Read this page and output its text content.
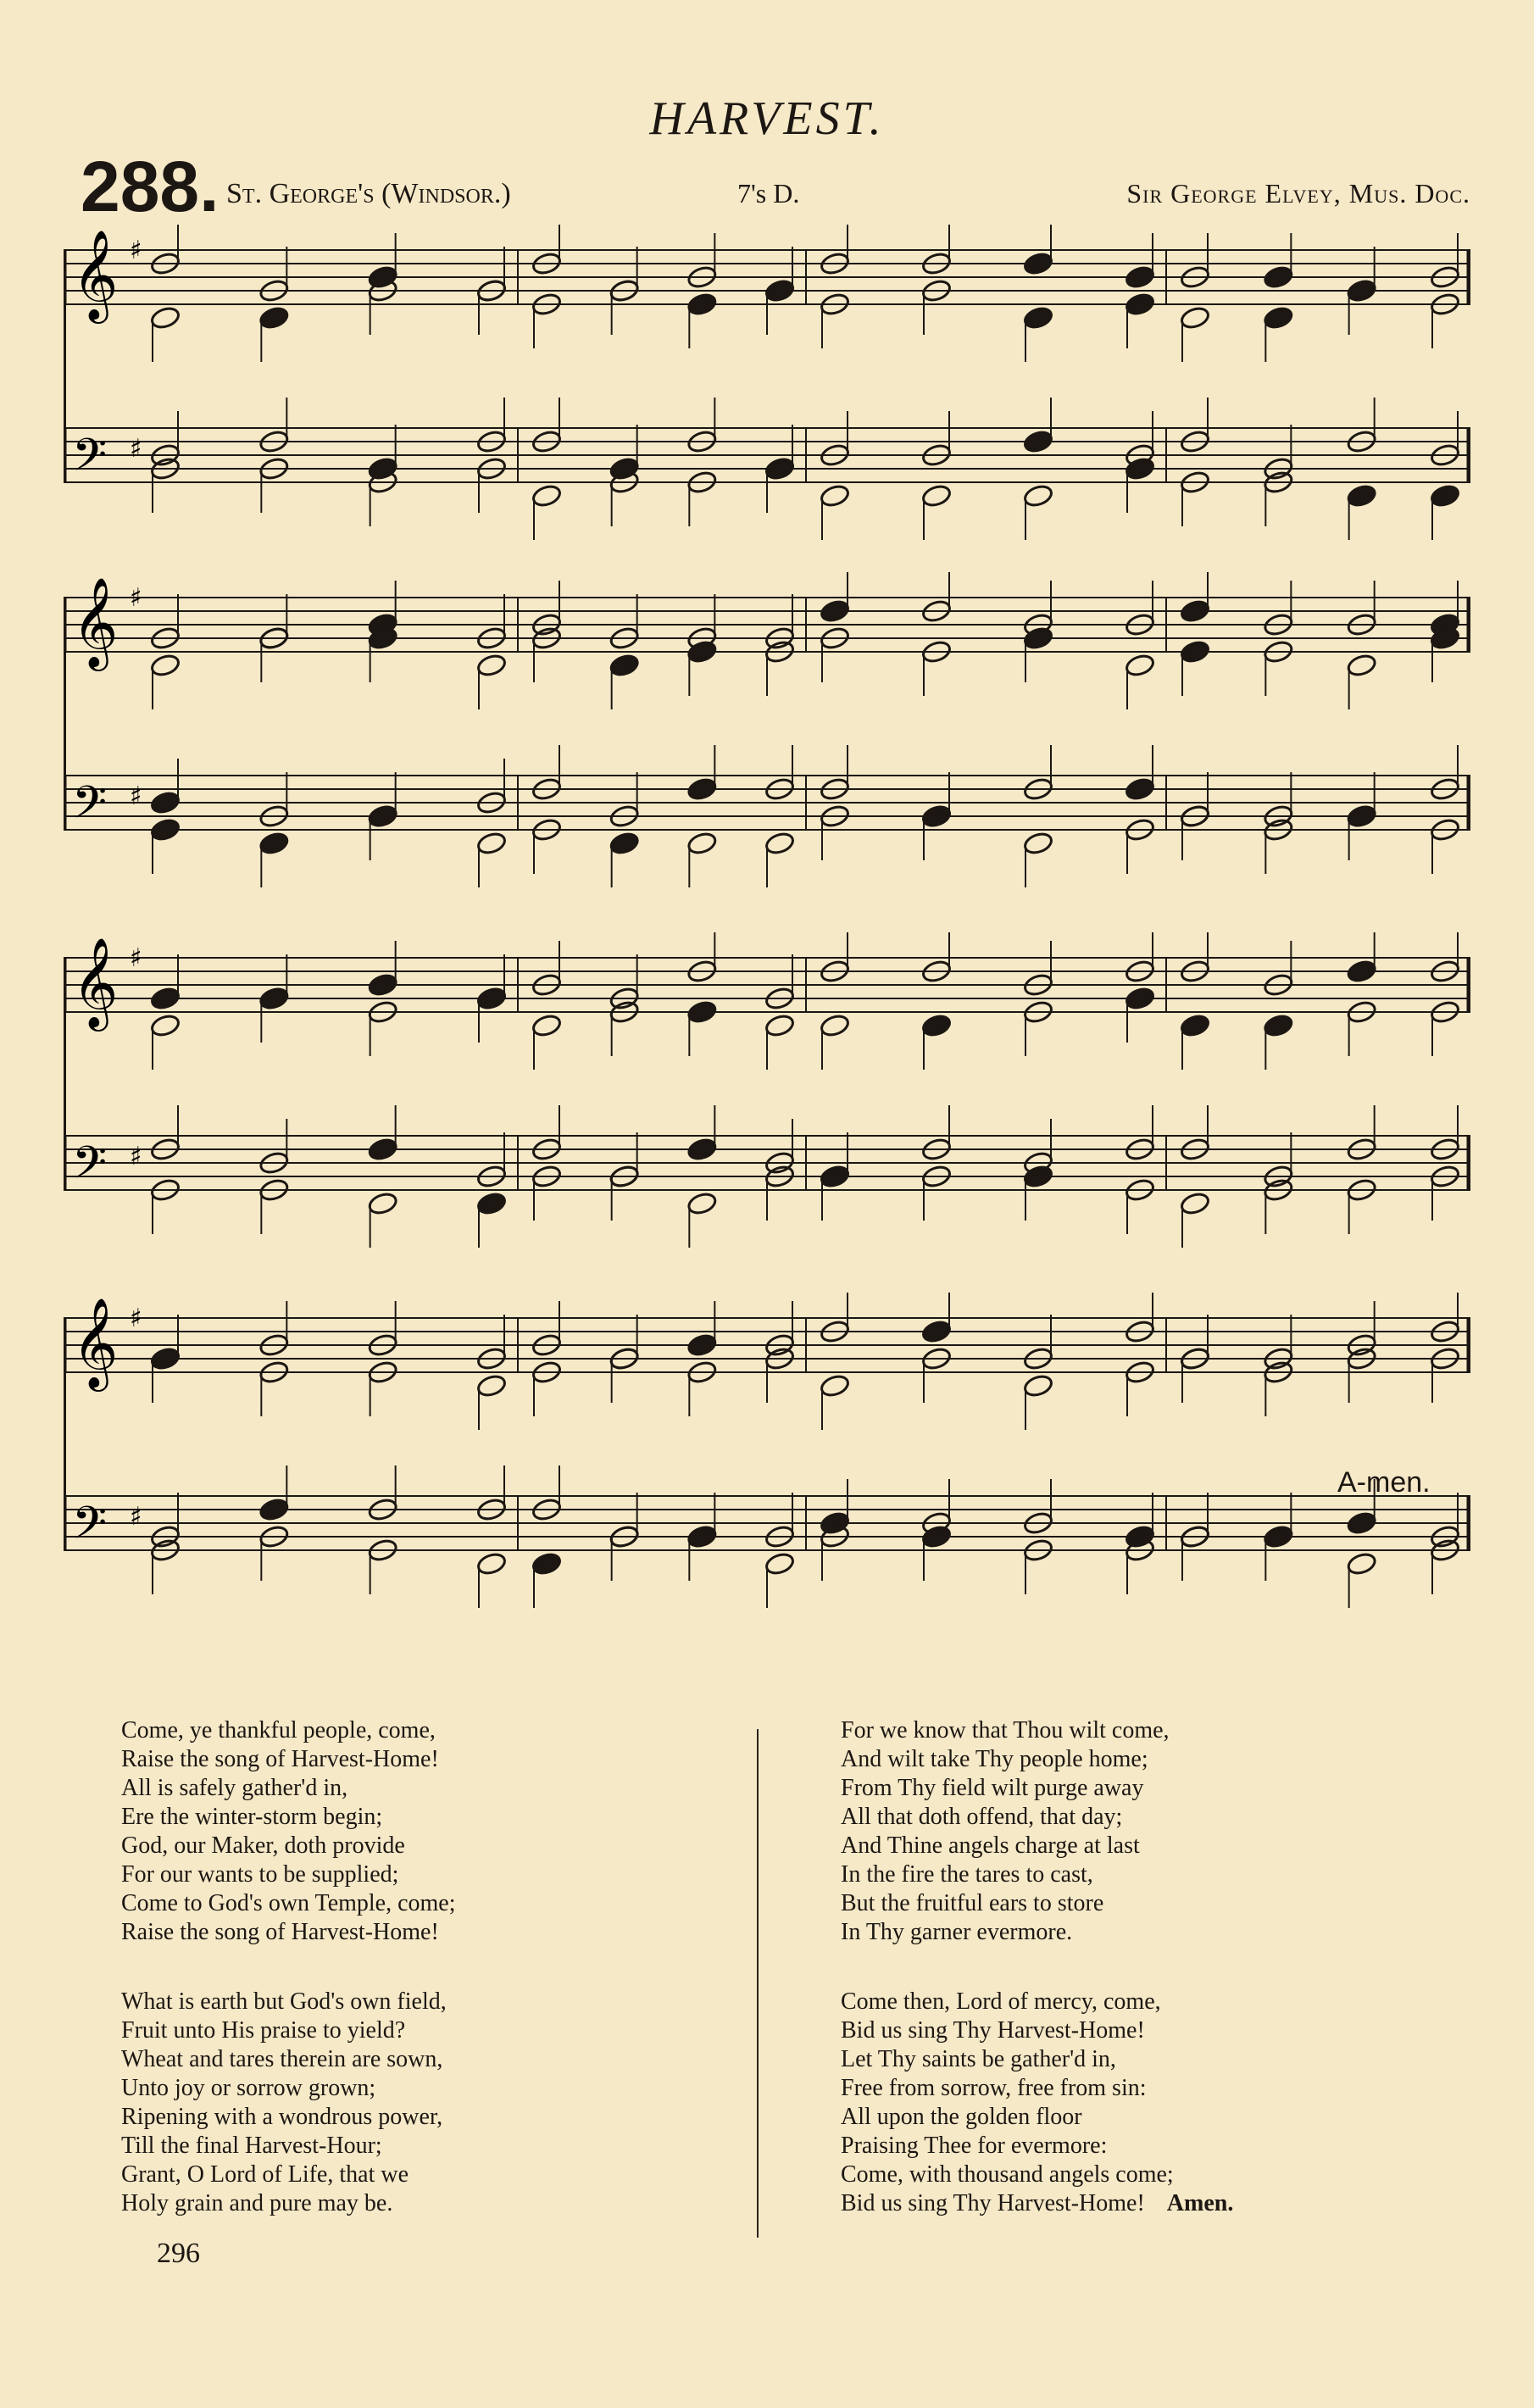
HARVEST.
288. St. George's (Windsor.)	7's D.	Sir George Elvey, Mus. Doc.
𝄞 ♯
𝄢 ♯
𝄞 ♯
𝄢 ♯
𝄞 ♯
𝄢 ♯
𝄞 ♯
𝄢 ♯
A-men.
Come, ye thankful people, come,
Raise the song of Harvest-Home!
All is safely gather'd in,
Ere the winter-storm begin;
God, our Maker, doth provide
For our wants to be supplied;
Come to God's own Temple, come;
Raise the song of Harvest-Home!
What is earth but God's own field,
Fruit unto His praise to yield?
Wheat and tares therein are sown,
Unto joy or sorrow grown;
Ripening with a wondrous power,
Till the final Harvest-Hour;
Grant, O Lord of Life, that we
Holy grain and pure may be.
For we know that Thou wilt come,
And wilt take Thy people home;
From Thy field wilt purge away
All that doth offend, that day;
And Thine angels charge at last
In the fire the tares to cast,
But the fruitful ears to store
In Thy garner evermore.
Come then, Lord of mercy, come,
Bid us sing Thy Harvest-Home!
Let Thy saints be gather'd in,
Free from sorrow, free from sin:
All upon the golden floor
Praising Thee for evermore:
Come, with thousand angels come;
Bid us sing Thy Harvest-Home! Amen.
296
